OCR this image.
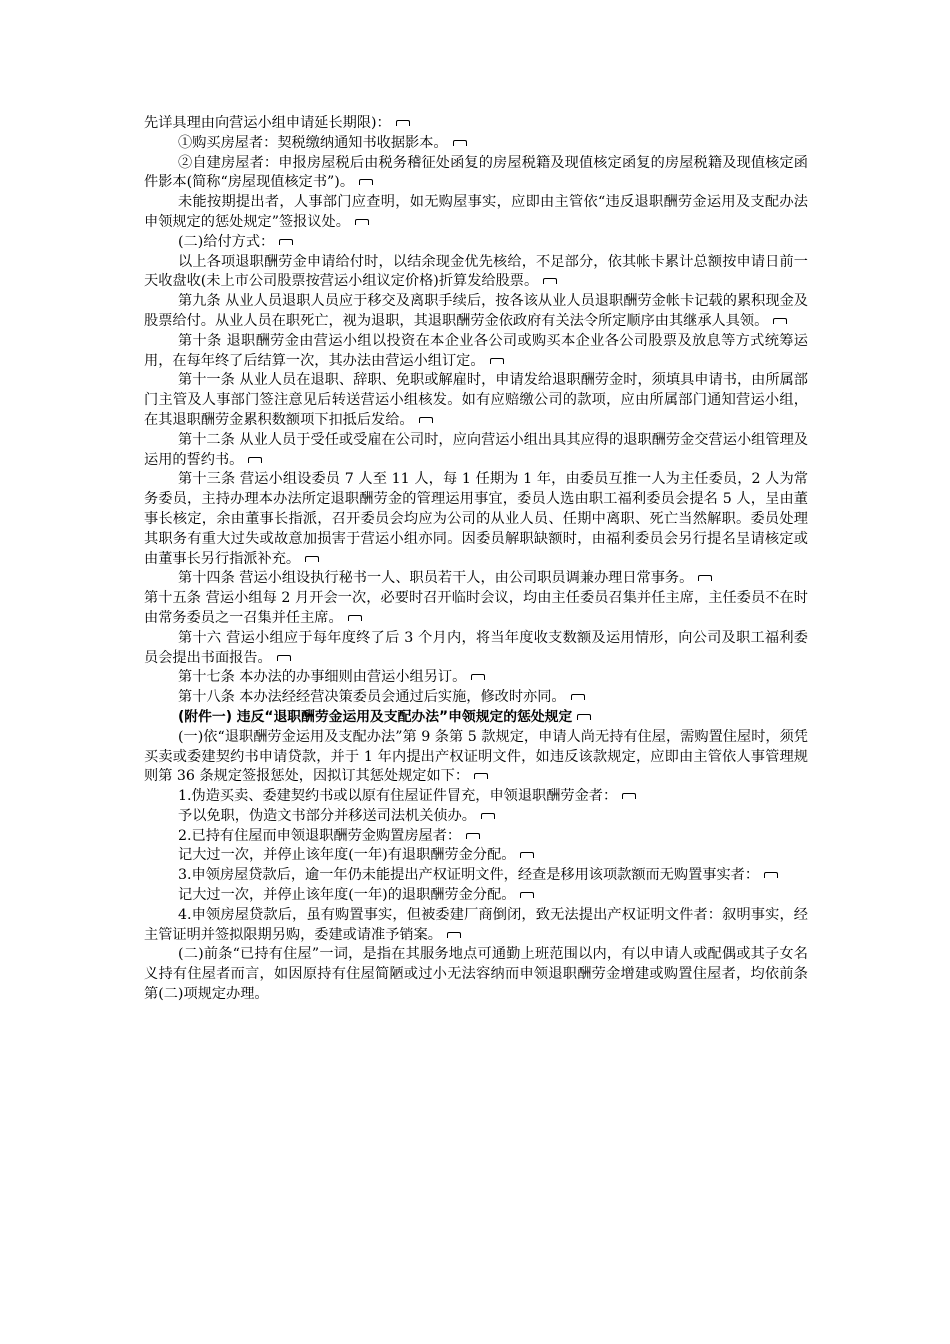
先详具理由向营运小组申请延长期限)：

①购买房屋者：契税缴纳通知书收据影本。

②自建房屋者：申报房屋税后由税务稽征处函复的房屋税籍及现值核定函复的房屋税籍及现值核定函件影本(简称“房屋现值核定书”)。

未能按期提出者，人事部门应查明，如无购屋事实，应即由主管依“违反退职酬劳金运用及支配办法申领规定的惩处规定”签报议处。

(二)给付方式：

以上各项退职酬劳金申请给付时，以结余现金优先核给，不足部分，依其帐卡累计总额按申请日前一天收盘收(未上市公司股票按营运小组议定价格)折算发给股票。

第九条 从业人员退职人员应于移交及离职手续后，按各该从业人员退职酬劳金帐卡记载的累积现金及股票给付。从业人员在职死亡，视为退职，其退职酬劳金依政府有关法令所定顺序由其继承人具领。

第十条 退职酬劳金由营运小组以投资在本企业各公司或购买本企业各公司股票及放息等方式统筹运用，在每年终了后结算一次，其办法由营运小组订定。

第十一条 从业人员在退职、辞职、免职或解雇时，申请发给退职酬劳金时，须填具申请书，由所属部门主管及人事部门签注意见后转送营运小组核发。如有应赔缴公司的款项，应由所属部门通知营运小组，在其退职酬劳金累积数额项下扣抵后发给。

第十二条 从业人员于受任或受雇在公司时，应向营运小组出具其应得的退职酬劳金交营运小组管理及运用的誓约书。

第十三条 营运小组设委员 7 人至 11 人，每 1 任期为 1 年，由委员互推一人为主任委员，2 人为常务委员，主持办理本办法所定退职酬劳金的管理运用事宜，委员人选由职工福利委员会提名 5 人，呈由董事长核定，余由董事长指派，召开委员会均应为公司的从业人员、任期中离职、死亡当然解职。委员处理其职务有重大过失或故意加损害于营运小组亦同。因委员解职缺额时，由福利委员会另行提名呈请核定或由董事长另行指派补充。

第十四条 营运小组设执行秘书一人、职员若干人，由公司职员调兼办理日常事务。

第十五条 营运小组每 2 月开会一次，必要时召开临时会议，均由主任委员召集并任主席，主任委员不在时由常务委员之一召集并任主席。

第十六 营运小组应于每年度终了后 3 个月内，将当年度收支数额及运用情形，向公司及职工福利委员会提出书面报告。

第十七条 本办法的办事细则由营运小组另订。

第十八条 本办法经经营决策委员会通过后实施，修改时亦同。

(附件一) 违反“退职酬劳金运用及支配办法”申领规定的惩处规定

(一)依“退职酬劳金运用及支配办法”第 9 条第 5 款规定，申请人尚无持有住屋，需购置住屋时，须凭买卖或委建契约书申请贷款，并于 1 年内提出产权证明文件，如违反该款规定，应即由主管依人事管理规则第 36 条规定签报惩处，因拟订其惩处规定如下：

1.伪造买卖、委建契约书或以原有住屋证件冒充，申领退职酬劳金者：

予以免职，伪造文书部分并移送司法机关侦办。

2.已持有住屋而申领退职酬劳金购置房屋者：

记大过一次，并停止该年度(一年)有退职酬劳金分配。

3.申领房屋贷款后，逾一年仍未能提出产权证明文件，经查是移用该项款额而无购置事实者：

记大过一次，并停止该年度(一年)的退职酬劳金分配。

4.申领房屋贷款后，虽有购置事实，但被委建厂商倒闭，致无法提出产权证明文件者：叙明事实，经主管证明并签拟限期另购，委建或请准予销案。

(二)前条“已持有住屋”一词，是指在其服务地点可通勤上班范围以内，有以申请人或配偶或其子女名义持有住屋者而言，如因原持有住屋简陋或过小无法容纳而申领退职酬劳金增建或购置住屋者，均依前条第(二)项规定办理。
